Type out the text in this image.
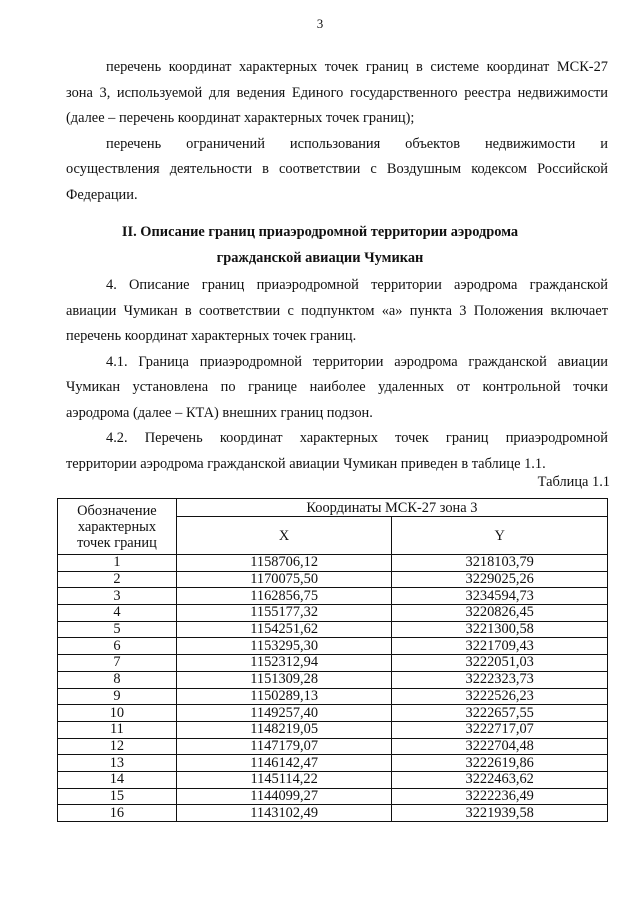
3
перечень координат характерных точек границ в системе координат МСК-27
зона 3, используемой для ведения Единого государственного реестра недвижимости
(далее – перечень координат характерных точек границ);
перечень ограничений использования объектов недвижимости и
осуществления деятельности в соответствии с Воздушным кодексом Российской
Федерации.
II. Описание границ приаэродромной территории аэродрома
гражданской авиации Чумикан
4. Описание границ приаэродромной территории аэродрома гражданской
авиации Чумикан в соответствии с подпунктом «а» пункта 3 Положения включает
перечень координат характерных точек границ.
4.1. Граница приаэродромной территории аэродрома гражданской авиации
Чумикан установлена по границе наиболее удаленных от контрольной точки
аэродрома (далее – КТА) внешних границ подзон.
4.2. Перечень координат характерных точек границ приаэродромной
территории аэродрома гражданской авиации Чумикан приведен в таблице 1.1.
Таблица 1.1
Обозначение характерных точек границ	Координаты МСК-27 зона 3	
	X	Y
1	1158706,12	3218103,79
2	1170075,50	3229025,26
3	1162856,75	3234594,73
4	1155177,32	3220826,45
5	1154251,62	3221300,58
6	1153295,30	3221709,43
7	1152312,94	3222051,03
8	1151309,28	3222323,73
9	1150289,13	3222526,23
10	1149257,40	3222657,55
11	1148219,05	3222717,07
12	1147179,07	3222704,48
13	1146142,47	3222619,86
14	1145114,22	3222463,62
15	1144099,27	3222236,49
16	1143102,49	3221939,58
